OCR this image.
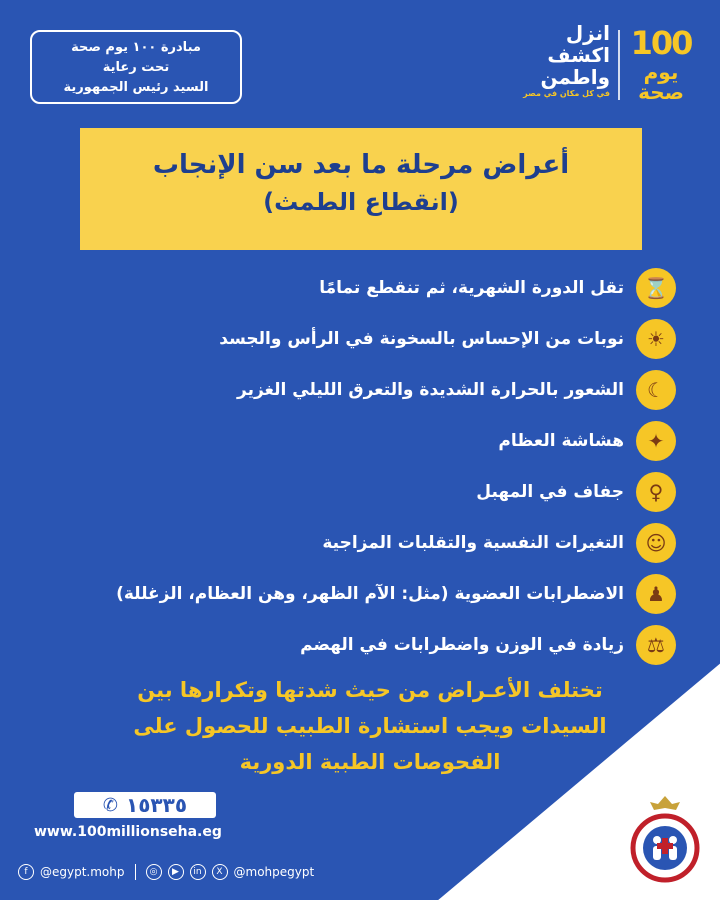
مبادرة ١٠٠ يوم صحة
تحت رعاية
السيد رئيس الجمهورية
100
يوم صحة
انزل
اكشف
واطمن
في كل مكان في مصر
أعراض مرحلة ما بعد سن الإنجاب
(انقطاع الطمث)
⌛
تقل الدورة الشهرية، ثم تنقطع تمامًا
☀
نوبات من الإحساس بالسخونة في الرأس والجسد
☾
الشعور بالحرارة الشديدة والتعرق الليلي الغزير
✦
هشاشة العظام
♀
جفاف في المهبل
☺
التغيرات النفسية والتقلبات المزاجية
♟
الاضطرابات العضوية (مثل: الآم الظهر، وهن العظام، الزغللة)
⚖
زيادة في الوزن واضطرابات في الهضم
تختلف الأعـراض من حيث شدتها وتكرارها بين
السيدات ويجب استشارة الطبيب للحصول على
الفحوصات الطبية الدورية
✆ ١٥٣٣٥
www.100millionseha.eg
f	@egypt.mohp	◎	▶	in	X @mohpegypt
